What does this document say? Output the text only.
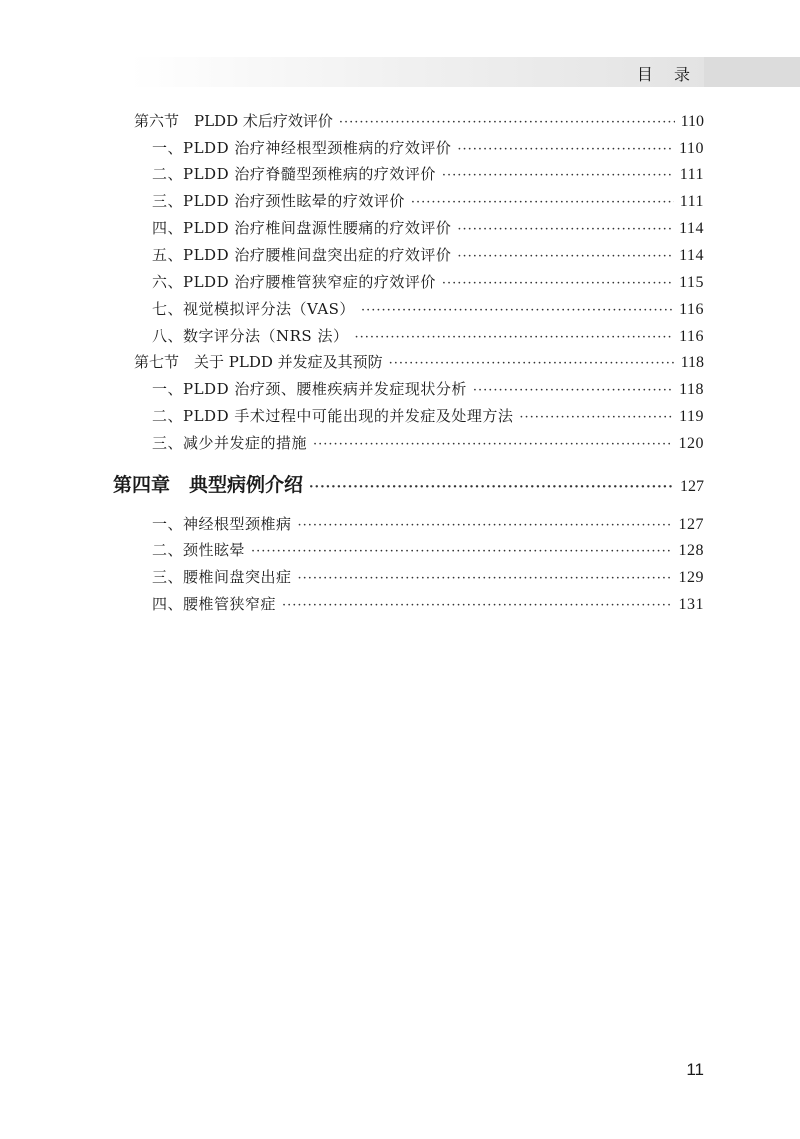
目 录
第六节　PLDD 术后疗效评价 ·····	110
一、PLDD 治疗神经根型颈椎病的疗效评价 ·····	110
二、PLDD 治疗脊髓型颈椎病的疗效评价 ·····	111
三、PLDD 治疗颈性眩晕的疗效评价 ·····	111
四、PLDD 治疗椎间盘源性腰痛的疗效评价 ·····	114
五、PLDD 治疗腰椎间盘突出症的疗效评价 ·····	114
六、PLDD 治疗腰椎管狭窄症的疗效评价 ·····	115
七、视觉模拟评分法（VAS） ·····	116
八、数字评分法（NRS 法） ·····	116
第七节　关于 PLDD 并发症及其预防 ·····	118
一、PLDD 治疗颈、腰椎疾病并发症现状分析 ·····	118
二、PLDD 手术过程中可能出现的并发症及处理方法 ·····	119
三、减少并发症的措施 ·····	120
第四章　典型病例介绍 ·····	127
一、神经根型颈椎病 ·····	127
二、颈性眩晕 ·····	128
三、腰椎间盘突出症 ·····	129
四、腰椎管狭窄症 ·····	131
11
